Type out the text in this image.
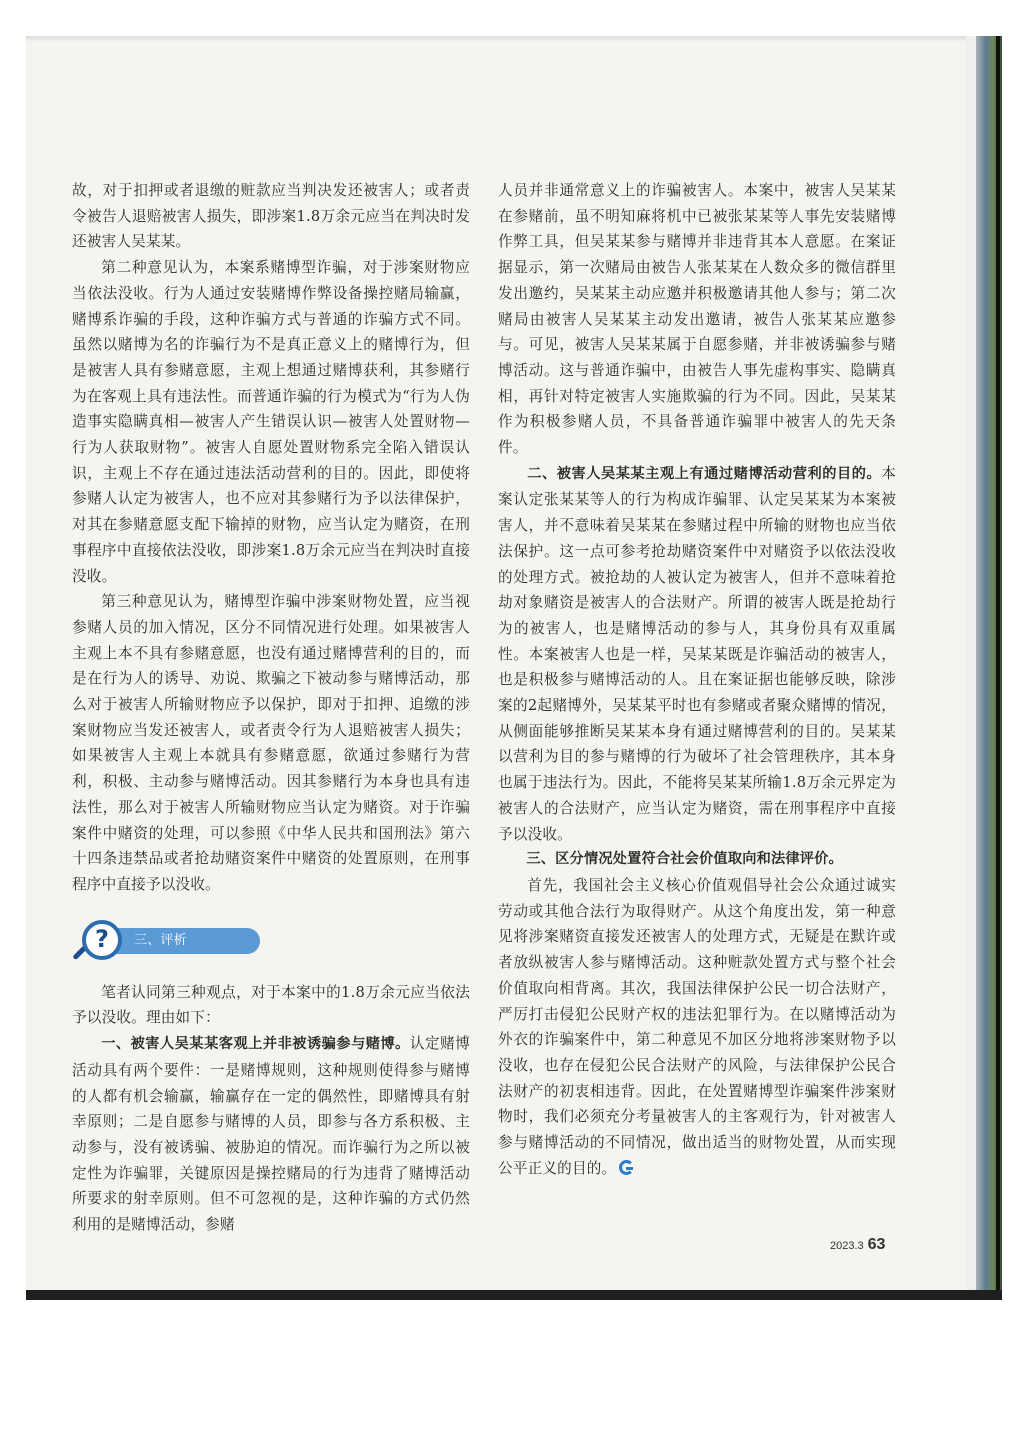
故，对于扣押或者退缴的赃款应当判决发还被害人；或者责令被告人退赔被害人损失，即涉案1.8万余元应当在判决时发还被害人吴某某。

第二种意见认为，本案系赌博型诈骗，对于涉案财物应当依法没收。行为人通过安装赌博作弊设备操控赌局输赢，赌博系诈骗的手段，这种诈骗方式与普通的诈骗方式不同。虽然以赌博为名的诈骗行为不是真正意义上的赌博行为，但是被害人具有参赌意愿，主观上想通过赌博获利，其参赌行为在客观上具有违法性。而普通诈骗的行为模式为“行为人伪造事实隐瞒真相—被害人产生错误认识—被害人处置财物—行为人获取财物”。被害人自愿处置财物系完全陷入错误认识，主观上不存在通过违法活动营利的目的。因此，即使将参赌人认定为被害人，也不应对其参赌行为予以法律保护，对其在参赌意愿支配下输掉的财物，应当认定为赌资，在刑事程序中直接依法没收，即涉案1.8万余元应当在判决时直接没收。

第三种意见认为，赌博型诈骗中涉案财物处置，应当视参赌人员的加入情况，区分不同情况进行处理。如果被害人主观上本不具有参赌意愿，也没有通过赌博营利的目的，而是在行为人的诱导、劝说、欺骗之下被动参与赌博活动，那么对于被害人所输财物应予以保护，即对于扣押、追缴的涉案财物应当发还被害人，或者责令行为人退赔被害人损失；如果被害人主观上本就具有参赌意愿，欲通过参赌行为营利，积极、主动参与赌博活动。因其参赌行为本身也具有违法性，那么对于被害人所输财物应当认定为赌资。对于诈骗案件中赌资的处理，可以参照《中华人民共和国刑法》第六十四条违禁品或者抢劫赌资案件中赌资的处置原则，在刑事程序中直接予以没收。

?	三、评析

笔者认同第三种观点，对于本案中的1.8万余元应当依法予以没收。理由如下：

一、被害人吴某某客观上并非被诱骗参与赌博。认定赌博活动具有两个要件：一是赌博规则，这种规则使得参与赌博的人都有机会输赢，输赢存在一定的偶然性，即赌博具有射幸原则；二是自愿参与赌博的人员，即参与各方系积极、主动参与，没有被诱骗、被胁迫的情况。而诈骗行为之所以被定性为诈骗罪，关键原因是操控赌局的行为违背了赌博活动所要求的射幸原则。但不可忽视的是，这种诈骗的方式仍然利用的是赌博活动，参赌

人员并非通常意义上的诈骗被害人。本案中，被害人吴某某在参赌前，虽不明知麻将机中已被张某某等人事先安装赌博作弊工具，但吴某某参与赌博并非违背其本人意愿。在案证据显示，第一次赌局由被告人张某某在人数众多的微信群里发出邀约，吴某某主动应邀并积极邀请其他人参与；第二次赌局由被害人吴某某主动发出邀请，被告人张某某应邀参与。可见，被害人吴某某属于自愿参赌，并非被诱骗参与赌博活动。这与普通诈骗中，由被告人事先虚构事实、隐瞒真相，再针对特定被害人实施欺骗的行为不同。因此，吴某某作为积极参赌人员，不具备普通诈骗罪中被害人的先天条件。

二、被害人吴某某主观上有通过赌博活动营利的目的。本案认定张某某等人的行为构成诈骗罪、认定吴某某为本案被害人，并不意味着吴某某在参赌过程中所输的财物也应当依法保护。这一点可参考抢劫赌资案件中对赌资予以依法没收的处理方式。被抢劫的人被认定为被害人，但并不意味着抢劫对象赌资是被害人的合法财产。所谓的被害人既是抢劫行为的被害人，也是赌博活动的参与人，其身份具有双重属性。本案被害人也是一样，吴某某既是诈骗活动的被害人，也是积极参与赌博活动的人。且在案证据也能够反映，除涉案的2起赌博外，吴某某平时也有参赌或者聚众赌博的情况，从侧面能够推断吴某某本身有通过赌博营利的目的。吴某某以营利为目的参与赌博的行为破坏了社会管理秩序，其本身也属于违法行为。因此，不能将吴某某所输1.8万余元界定为被害人的合法财产，应当认定为赌资，需在刑事程序中直接予以没收。

三、区分情况处置符合社会价值取向和法律评价。

首先，我国社会主义核心价值观倡导社会公众通过诚实劳动或其他合法行为取得财产。从这个角度出发，第一种意见将涉案赌资直接发还被害人的处理方式，无疑是在默许或者放纵被害人参与赌博活动。这种赃款处置方式与整个社会价值取向相背离。其次，我国法律保护公民一切合法财产，严厉打击侵犯公民财产权的违法犯罪行为。在以赌博活动为外衣的诈骗案件中，第二种意见不加区分地将涉案财物予以没收，也存在侵犯公民合法财产的风险，与法律保护公民合法财产的初衷相违背。因此，在处置赌博型诈骗案件涉案财物时，我们必须充分考量被害人的主客观行为，针对被害人参与赌博活动的不同情况，做出适当的财物处置，从而实现公平正义的目的。

2023.3 63
